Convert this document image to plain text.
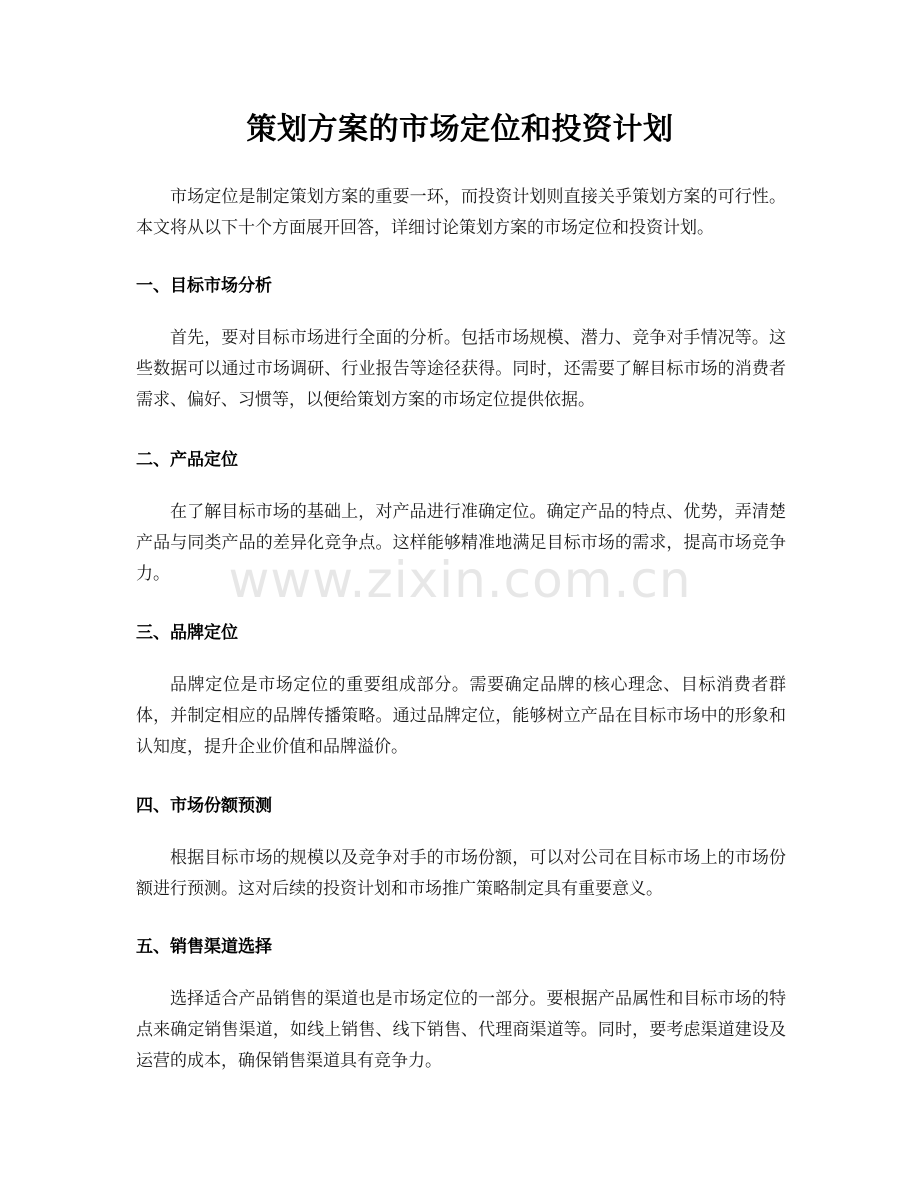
策划方案的市场定位和投资计划

市场定位是制定策划方案的重要一环，而投资计划则直接关乎策划方案的可行性。本文将从以下十个方面展开回答，详细讨论策划方案的市场定位和投资计划。

一、目标市场分析

首先，要对目标市场进行全面的分析。包括市场规模、潜力、竞争对手情况等。这些数据可以通过市场调研、行业报告等途径获得。同时，还需要了解目标市场的消费者需求、偏好、习惯等，以便给策划方案的市场定位提供依据。

二、产品定位

在了解目标市场的基础上，对产品进行准确定位。确定产品的特点、优势，弄清楚产品与同类产品的差异化竞争点。这样能够精准地满足目标市场的需求，提高市场竞争力。

三、品牌定位

品牌定位是市场定位的重要组成部分。需要确定品牌的核心理念、目标消费者群体，并制定相应的品牌传播策略。通过品牌定位，能够树立产品在目标市场中的形象和认知度，提升企业价值和品牌溢价。

四、市场份额预测

根据目标市场的规模以及竞争对手的市场份额，可以对公司在目标市场上的市场份额进行预测。这对后续的投资计划和市场推广策略制定具有重要意义。

五、销售渠道选择

选择适合产品销售的渠道也是市场定位的一部分。要根据产品属性和目标市场的特点来确定销售渠道，如线上销售、线下销售、代理商渠道等。同时，要考虑渠道建设及运营的成本，确保销售渠道具有竞争力。

www.zixin.com.cn
